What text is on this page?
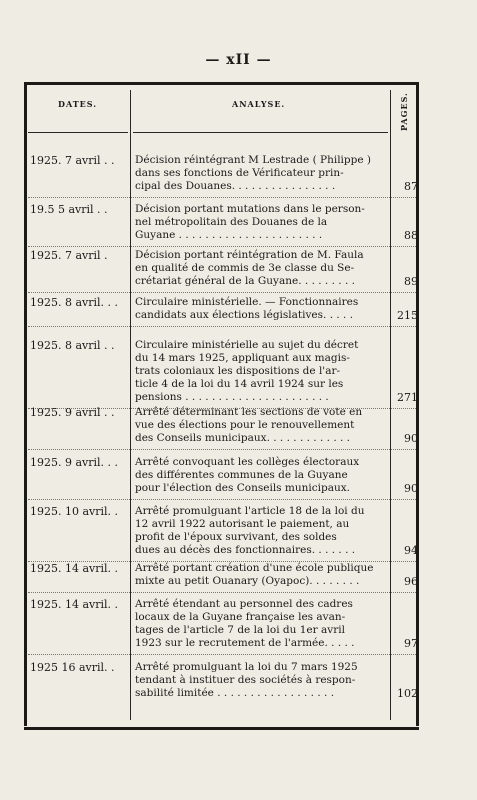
— xII —
DATES.	ANALYSE.	PAGES.
1925. 7 avril . .	Décision réintégrant M Lestrade ( Philippe )
dans ses fonctions de Vérificateur prin-
cipal des Douanes. . . . . . . . . . . . . . . .	87
19.5 5 avril . .	Décision portant mutations dans le person-
nel métropolitain des Douanes de la
Guyane . . . . . . . . . . . . . . . . . . . . . .	88
1925. 7 avril .	Décision portant réintégration de M. Faula
en qualité de commis de 3e classe du Se-
crétariat général de la Guyane. . . . . . . . .	89
1925. 8 avril. . .	Circulaire ministérielle. — Fonctionnaires
candidats aux élections législatives. . . . .	215
1925. 8 avril . .	Circulaire ministérielle au sujet du décret
du 14 mars 1925, appliquant aux magis-
trats coloniaux les dispositions de l'ar-
ticle 4 de la loi du 14 avril 1924 sur les
pensions . . . . . . . . . . . . . . . . . . . . . .	271
1925. 9 avril . .	Arrêté déterminant les sections de vote en
vue des élections pour le renouvellement
des Conseils municipaux. . . . . . . . . . . . .	90
1925. 9 avril. . .	Arrêté convoquant les collèges électoraux
des différentes communes de la Guyane
pour l'élection des Conseils municipaux.	90
1925. 10 avril. .	Arrêté promulguant l'article 18 de la loi du
12 avril 1922 autorisant le paiement, au
profit de l'époux survivant, des soldes
dues au décès des fonctionnaires. . . . . . .	94
1925. 14 avril. .	Arrêté portant création d'une école publique
mixte au petit Ouanary (Oyapoc). . . . . . . .	96
1925. 14 avril. .	Arrêté étendant au personnel des cadres
locaux de la Guyane française les avan-
tages de l'article 7 de la loi du 1er avril
1923 sur le recrutement de l'armée. . . . .	97
1925 16 avril. .	Arrêté promulguant la loi du 7 mars 1925
tendant à instituer des sociétés à respon-
sabilité limitée . . . . . . . . . . . . . . . . . .	102
